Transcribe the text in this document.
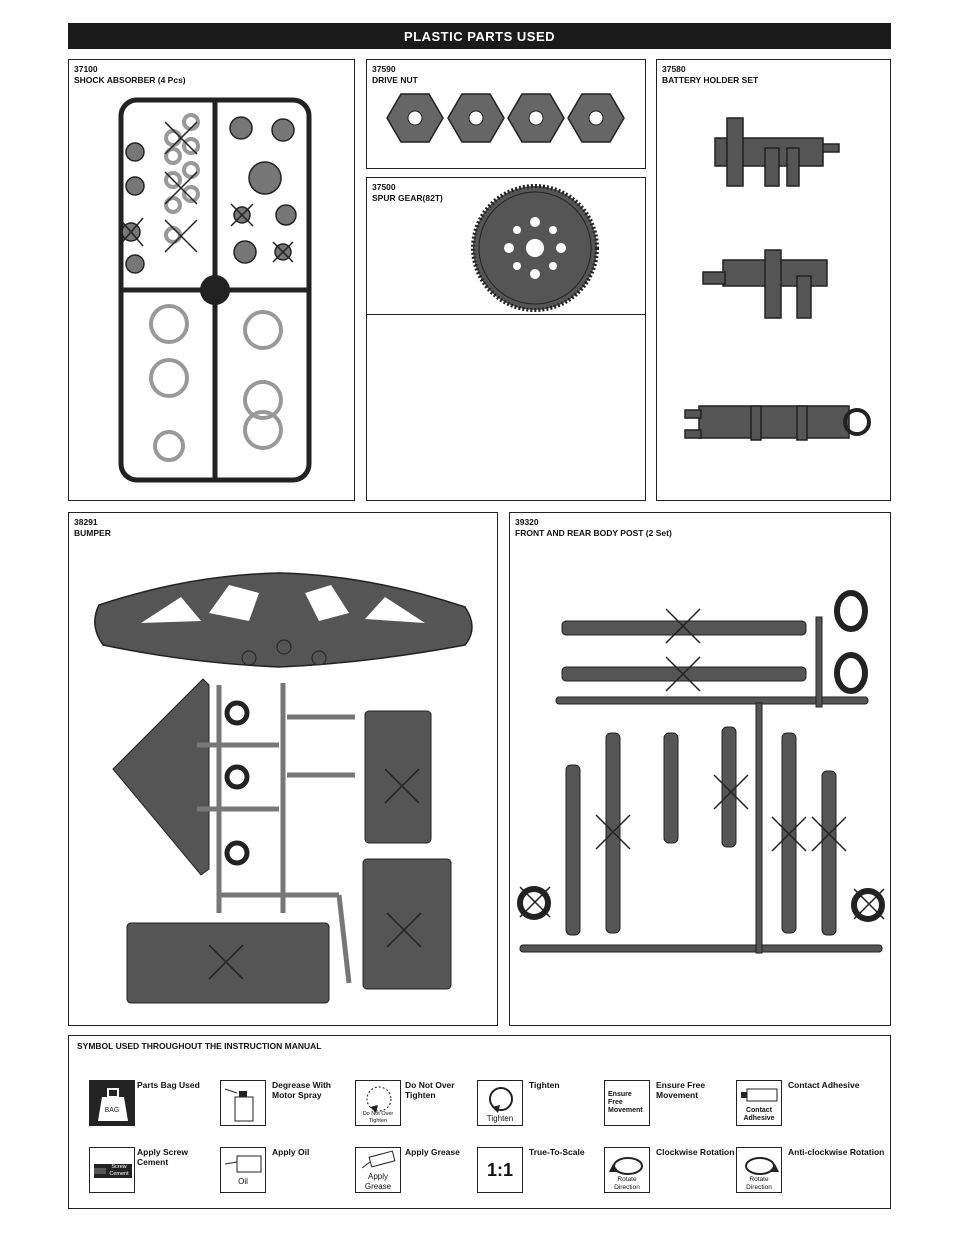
PLASTIC PARTS USED
37100
SHOCK ABSORBER (4 Pcs)
37590
DRIVE NUT
37500
SPUR GEAR(82T)
37580
BATTERY HOLDER SET
38291
BUMPER
39320
FRONT AND REAR BODY POST (2 Set)
SYMBOL USED THROUGHOUT THE INSTRUCTION MANUAL
BAG
Parts Bag Used	Degrease With Motor Spray
Do Not Over Tighten
Do Not Over Tighten
Tighten
Tighten
Ensure Free Movement
Ensure Free Movement
Contact Adhesive
Contact Adhesive
Screw Cement
Apply Screw Cement
Oil
Apply Oil
Apply Grease
Apply Grease
1:1
True-To-Scale
Rotate Direction
Clockwise Rotation
Rotate Direction
Anti-clockwise Rotation
